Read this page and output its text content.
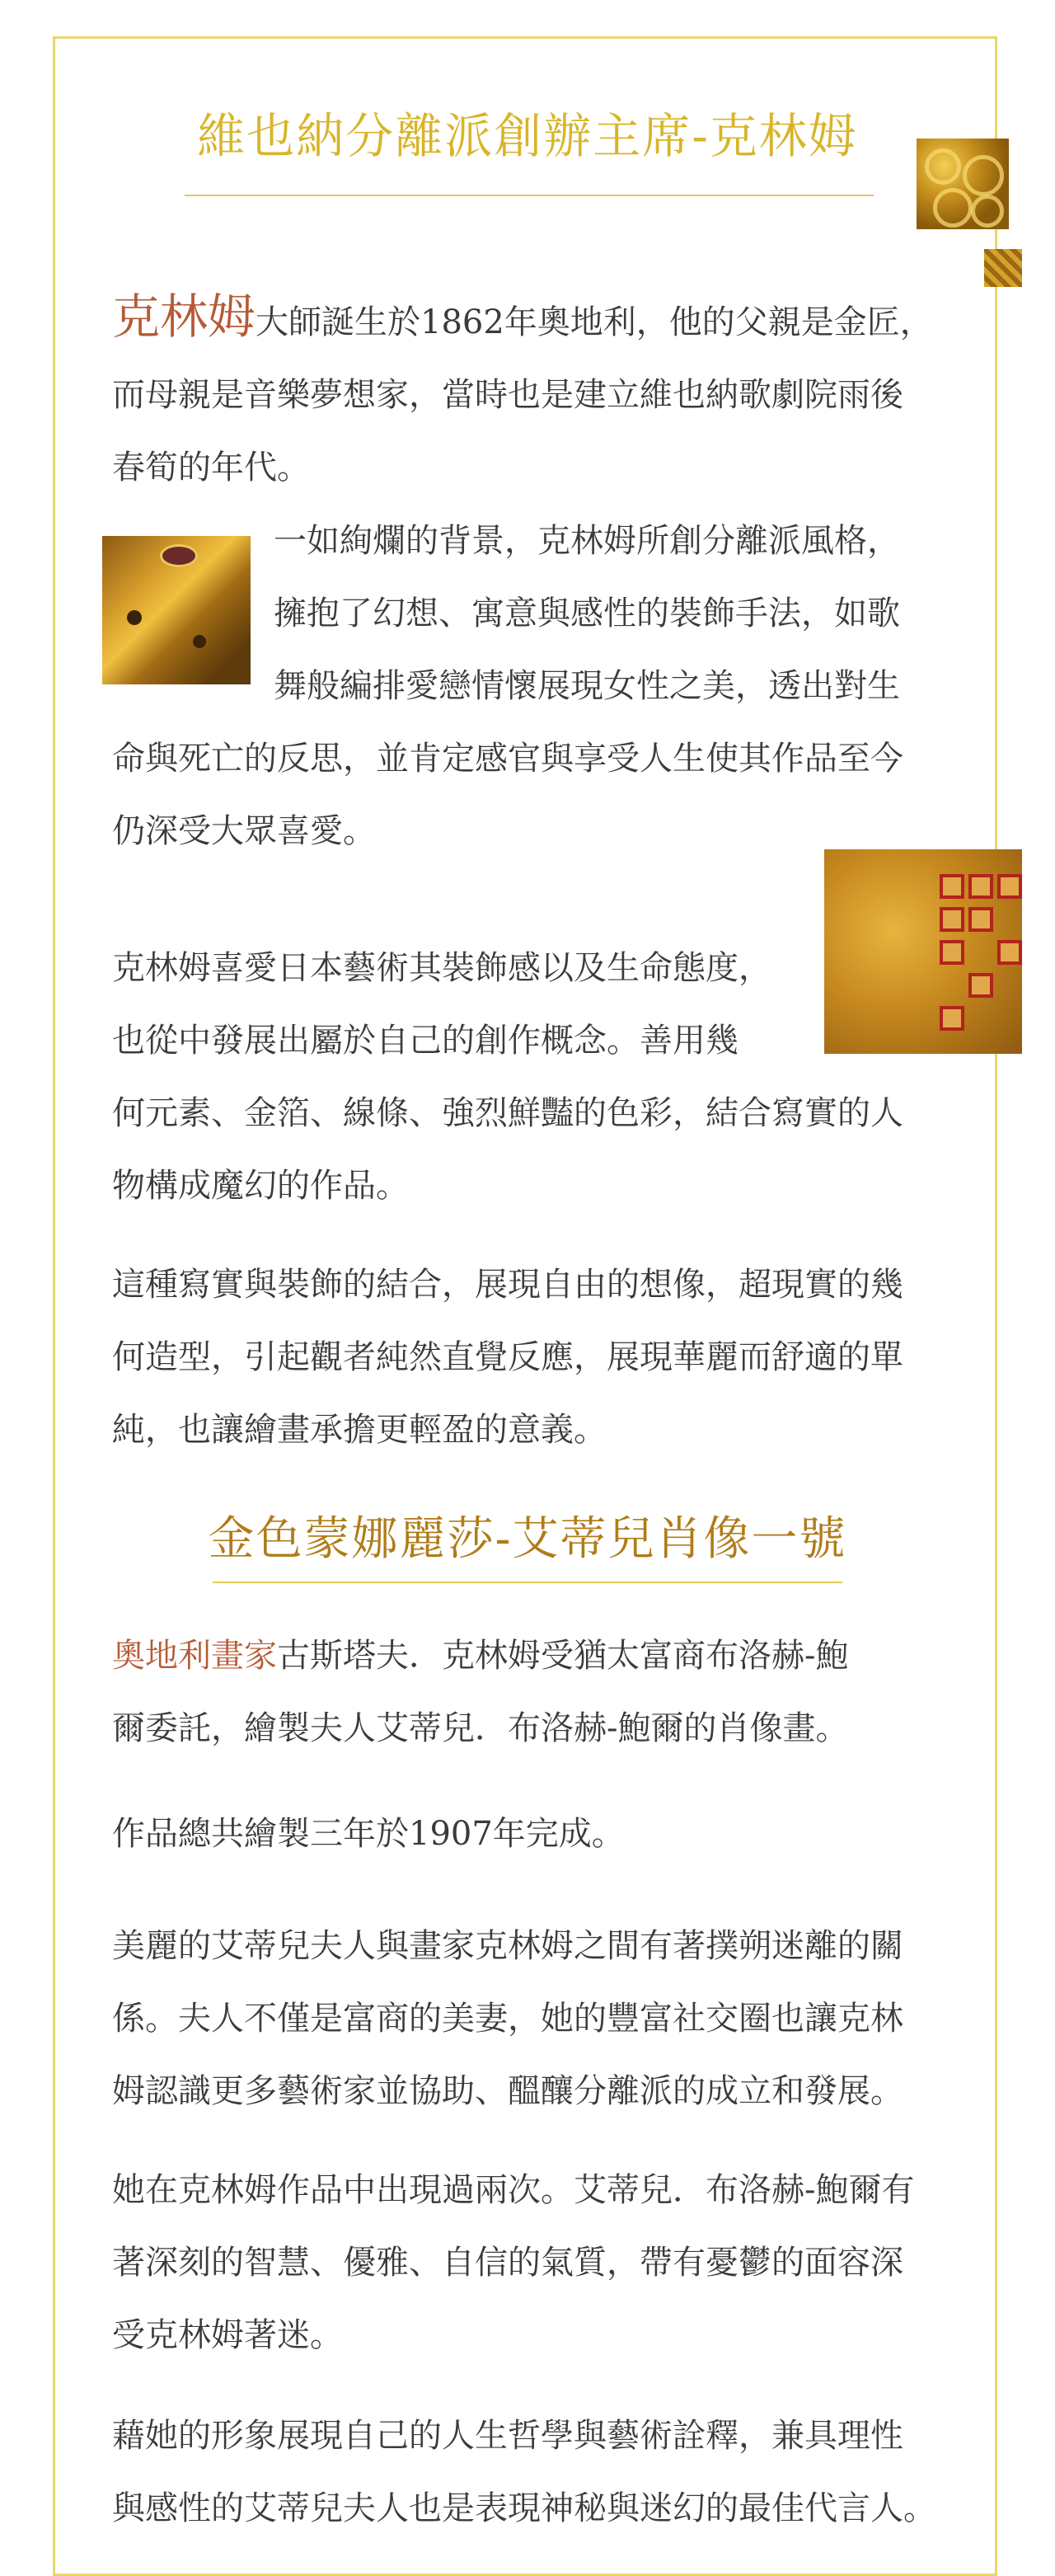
維也納分離派創辦主席-克林姆

克林姆大師誕生於1862年奧地利，他的父親是金匠，
而母親是音樂夢想家，當時也是建立維也納歌劇院雨後
春筍的年代。

一如絢爛的背景，克林姆所創分離派風格，
擁抱了幻想、寓意與感性的裝飾手法，如歌
舞般編排愛戀情懷展現女性之美，透出對生

命與死亡的反思，並肯定感官與享受人生使其作品至今
仍深受大眾喜愛。

克林姆喜愛日本藝術其裝飾感以及生命態度，
也從中發展出屬於自己的創作概念。善用幾
何元素、金箔、線條、強烈鮮豔的色彩，結合寫實的人
物構成魔幻的作品。

這種寫實與裝飾的結合，展現自由的想像，超現實的幾
何造型，引起觀者純然直覺反應，展現華麗而舒適的單
純，也讓繪畫承擔更輕盈的意義。

金色蒙娜麗莎-艾蒂兒肖像一號

奧地利畫家古斯塔夫．克林姆受猶太富商布洛赫-鮑
爾委託，繪製夫人艾蒂兒．布洛赫-鮑爾的肖像畫。

作品總共繪製三年於1907年完成。

美麗的艾蒂兒夫人與畫家克林姆之間有著撲朔迷離的關
係。夫人不僅是富商的美妻，她的豐富社交圈也讓克林
姆認識更多藝術家並協助、醞釀分離派的成立和發展。

她在克林姆作品中出現過兩次。艾蒂兒．布洛赫-鮑爾有
著深刻的智慧、優雅、自信的氣質，帶有憂鬱的面容深
受克林姆著迷。

藉她的形象展現自己的人生哲學與藝術詮釋，兼具理性
與感性的艾蒂兒夫人也是表現神秘與迷幻的最佳代言人。
